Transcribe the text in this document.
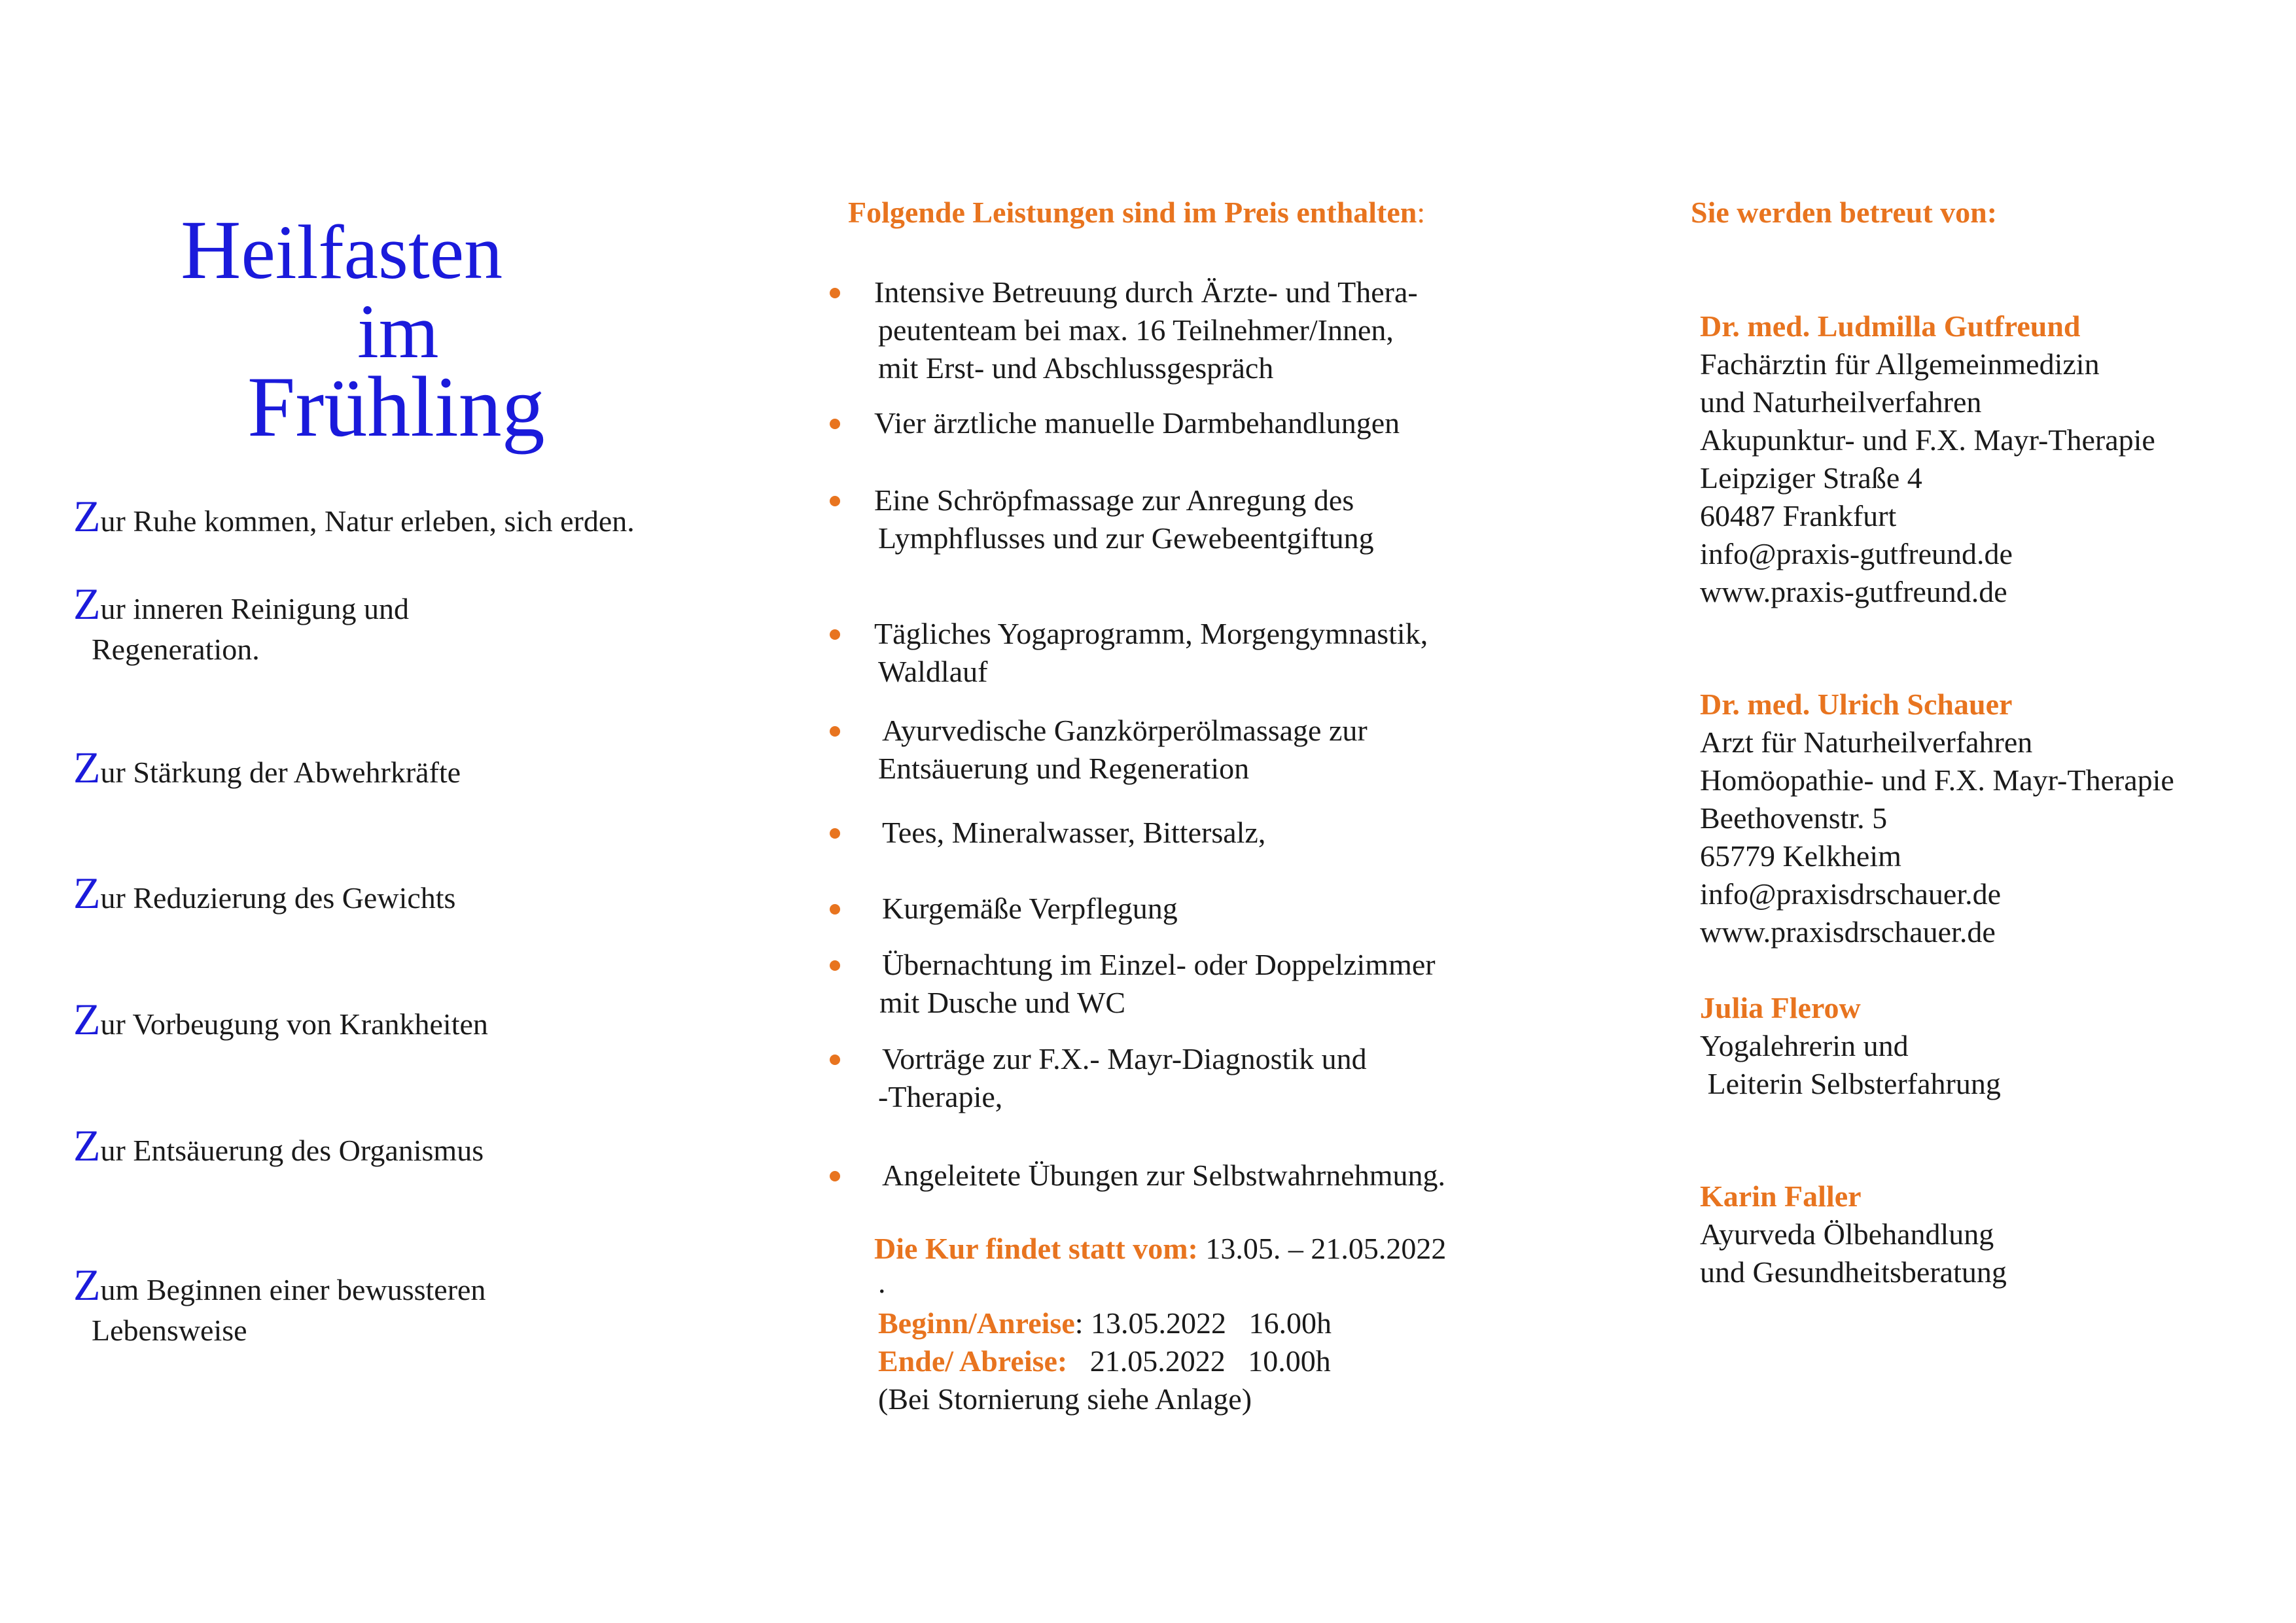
Heilfasten
im
Frühling
Zur Ruhe kommen, Natur erleben, sich erden.
Zur inneren Reinigung und
Regeneration.
Zur Stärkung der Abwehrkräfte
Zur Reduzierung des Gewichts
Zur Vorbeugung von Krankheiten
Zur Entsäuerung des Organismus
Zum Beginnen einer bewussteren
Lebensweise
Folgende Leistungen sind im Preis enthalten:
Intensive Betreuung durch Ärzte- und Thera-
peutenteam bei max. 16 Teilnehmer/Innen,
mit Erst- und Abschlussgespräch
Vier ärztliche manuelle Darmbehandlungen
Eine Schröpfmassage zur Anregung des
Lymphflusses und zur Gewebeentgiftung
Tägliches Yogaprogramm, Morgengymnastik,
Waldlauf
Ayurvedische Ganzkörperölmassage zur
Entsäuerung und Regeneration
Tees, Mineralwasser, Bittersalz,
Kurgemäße Verpflegung
Übernachtung im Einzel- oder Doppelzimmer
mit Dusche und WC
Vorträge zur F.X.- Mayr-Diagnostik und
-Therapie,
Angeleitete Übungen zur Selbstwahrnehmung.
Die Kur findet statt vom: 13.05. – 21.05.2022
.
Beginn/Anreise: 13.05.2022   16.00h
Ende/ Abreise:   21.05.2022   10.00h
(Bei Stornierung siehe Anlage)
Sie werden betreut von:
Dr. med. Ludmilla Gutfreund
Fachärztin für Allgemeinmedizin
und Naturheilverfahren
Akupunktur- und F.X. Mayr-Therapie
Leipziger Straße 4
60487 Frankfurt
info@praxis-gutfreund.de
www.praxis-gutfreund.de
Dr. med. Ulrich Schauer
Arzt für Naturheilverfahren
Homöopathie- und F.X. Mayr-Therapie
Beethovenstr. 5
65779 Kelkheim
info@praxisdrschauer.de
www.praxisdrschauer.de
Julia Flerow
Yogalehrerin und
Leiterin Selbsterfahrung
Karin Faller
Ayurveda Ölbehandlung
und Gesundheitsberatung
